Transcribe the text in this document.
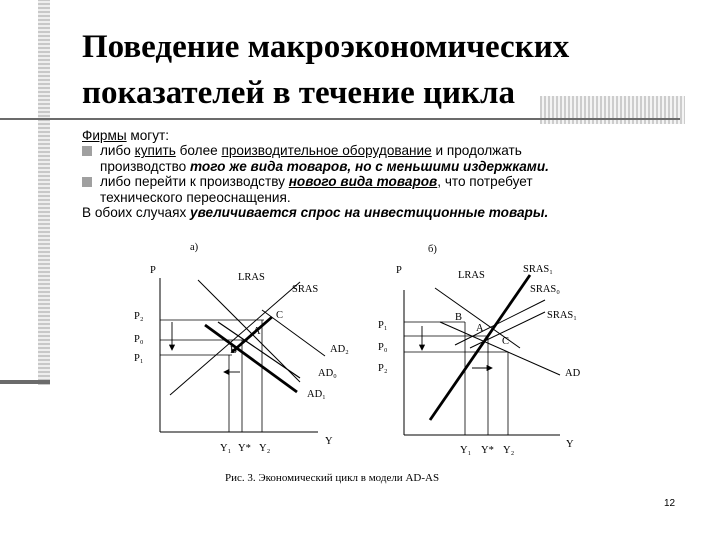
Поведение макроэкономических
показателей в течение цикла

Фирмы могут:

либо купить более производительное оборудование и продолжать

производство того же вида товаров, но с меньшими издержками.

либо перейти к производству нового вида товаров, что потребует

технического переоснащения.

В обоих случаях увеличивается спрос на инвестиционные товары.

а)
P
LRAS
SRAS
P₂
P₀
P₁
C
A
B	AD₂
AD₀
AD₁
Y₁ Y* Y₂
Y
б)
P	LRAS
SRAS₁
SRAS₀
SRAS₁
P₁
P₀
P₂
B
A
C
AD
Y₁ Y* Y₂
Y
Рис. 3. Экономический цикл в модели AD-AS
12
